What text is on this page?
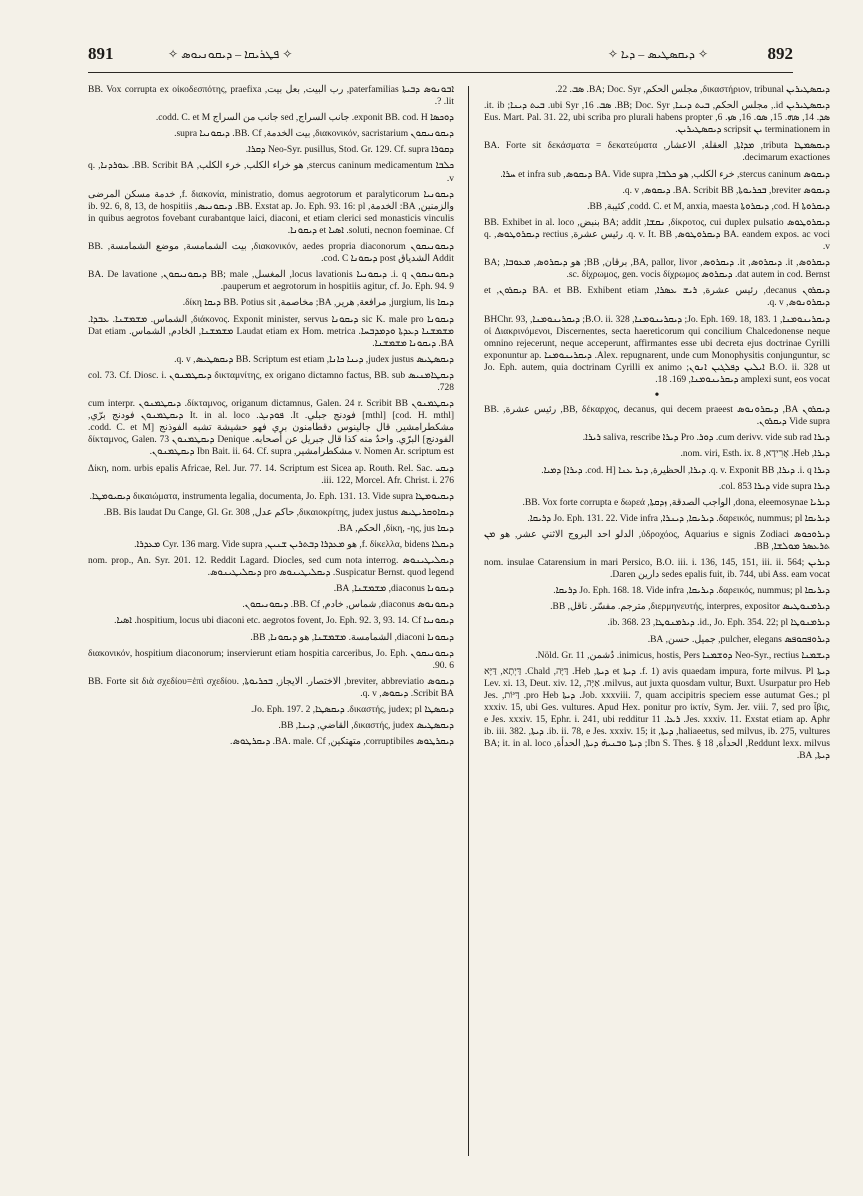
891	✧ ܦܛܪܝܩܐ – ܕܝܩܘܢܝܘܣ ✧	✧ ܕܝܩܣܛܝܣ – ܕܝܐ ✧	892

ܐܒܘܢܘܣ ܕܒܝܬܐ paterfamilias, رب البيت, بعل بيت, BB. Vox corrupta ex οἰκοδεσπότης, praefixa lit. ?.

ܕܘܟܣܐ exponit BB. cod. H. جانب السراج, sed جانب من السراج codd. C. et M.

ܕܝܩܘܢܝܩܘܢ διακονικόν, sacristarium, بيت الخدمة, BB. Cf. ܕܝܩܘܢܝܐ supra.

ܕܩܘܪܐ Neo-Syr. pusillus, Stod. Gr. 129. Cf. supra ܕܩܪܐ.

ܟܠܒܐ stercus caninum medicamentum, هو خراء الكلب, خرء الكلب, BB. Scribit BA. ܥܘܪܕܢܐ, q. v.

ܕܝܩܘܢܝܐ f. διακονία, ministratio, domus aegrotorum et paralyticorum, خدمة مسكن المرضى والزمنين, BA: الخدمة, BB. Exstat ap. Jo. Eph. 93. 16: pl. ܕܝܩܘܢܝܣ, ib. 92. 6, 8, 13, de hospitiis in quibus aegrotos fovebant curabantque laici, diaconi, et etiam clerici sed monasticis vinculis soluti, necnon foeminae. Cf. ܐܣܝܐ et ܕܝܩܘܢܐ.

ܕܝܩܘܢܝܩܘܢ διακονικόν, aedes propria diaconorum, بيت الشمامسة, موضع الشمامسة, BB. Addit الشدياق post ܕܝܩܘܢܐ cod. C.

ܕܝܩܘܢܝܩܘܢ i. q. ܕܝܩܘܢܝܐ locus lavationis, المغسل, BB; male ܕܝܩܘܢܝܩܘܢ, BA. De lavatione pauperum et aegrotorum in hospitiis agitur, cf. Jo. Eph. 94. 9.

ܕܝܩܐ jurgium, lis, مرافعة, هرير, BA; مخاصمة, BB. Potius sit ܕܝܩܐ δίκη.

ܕܝܩܘܢܐ sic K. male pro ܕܝܩܘܢܐ διάκονος. Exponit minister, servus, الشماس. ܡܫܡܫܢܐ. ܥܒܕܐ. ܡܫܡܫܢܐ ܕܥܕܬܐ ܘܕܡܕܒܚܐ. Laudat etiam ex Hom. metrica ܡܫܡܫܢܐ, الخادم, الشماس. Dat etiam BA. ܕܝܩܘܢܐ ܡܫܡܫܢܐ.

ܕܝܩܣܛܝܣ judex justus, ܕܝܢܐ ܟܐܢܐ, BB. Scriptum est etiam ܕܝܩܣܛܝܣ, q. v.

ܕܝܩܛܐܡܢܝܣ δικταμνίτης, ex origano dictamno factus, BB. sub ܕܝܩܛܡܢܘܢ col. 73. Cf. Diosc. i. 728.

ܕܝܩܛܡܢܘܢ δίκταμνος, origanum dictamnus, Galen. 24 r. Scribit BB. ܕܝܩܛܡܢܘܢ cum interpr. [mthl] [cod. H. mthl] فودنج جبلي. It. ܦܘܕܢܓ. It. in al. loco ܕܝܩܛܡܢܘܢ فودنج برّي, مشكطرامشير, قال جالينوس دقطامنون بري فهو حشيشة تشبه الفوذنج [codd. C. et M. الفودنج] البرّي. واحدٌ منه كذا قال جبريل عن أصحابه. Denique ܕܝܩܛܡܢܘܢ δίκταμνος, Galen. 73 v. Nomen Ar. scriptum est مشكطرامشير, Ibn Bait. ii. 64. Cf. supra ܕܝܩܛܡܢܘܢ.

ܕܝܩܝ Δίκη, nom. urbis epalis Africae, Rel. Jur. 77. 14. Scriptum est Sicea ap. Routh. Rel. Sac. iii. 122, Morcel. Afr. Christ. i. 276.

ܕܝܩܝܘܡܛܐ δικαιώματα, instrumenta legalia, documenta, Jo. Eph. 131. 13. Vide supra ܕܝܩܝܘܡܛܐ.

ܕܝܩܐܘܩܪܝܛܝܣ δικαιοκρίτης, judex justus, حاكم عدل, BB. Bis laudat Du Cange, Gl. Gr. 308.

ܕܝܩܐ δίκη, -ης, jus, الحكم, BA.

ܕܝܩܠܐ f. δίκελλα, bidens, هو ܡܥܕܪܐ ܕܒܬܪܝܢ ܫܢܝܢ, Cyr. 136 marg. Vide supra ܡܥܕܪܐ.

ܕܝܩܠܝܛܝܢܘܣ nom. prop., An. Syr. 201. 12. Reddit Lagard. Diocles, sed cum nota interrog. Suspicatur Bernst. quod legend. ܕܝܩܠܝܛܝܢܘܣ pro ܕܝܩܠܝܛܝܢܘܣ.

ܕܝܩܘܢܐ diaconus, ܡܫܡܫܢܐ, BA.

ܕܝܩܘܢܘܣ diaconus, شماس, خادم, BB. Cf. ܕܝܩܘܢܝܩܘܢ.

ܕܝܩܘܢܝܐ hospitium, locus ubi diaconi etc. aegrotos fovent, Jo. Eph. 92. 3, 93. 14. Cf. ܐܣܝܐ.

ܕܝܩܘܢܐ diaconi, الشمامسة. ܡܫܡܫܢܐ, هو ܕܝܩܘܢܐ, BB.

ܕܝܩܘܢܝܩܘܢ διακονικόν, hospitium diaconorum; inservierunt etiam hospitia carceribus, Jo. Eph. 90. 6.

ܕܝܩܘܣ breviter, abbreviatio, الاختصار. الايجاز, ܒܟܪܝܘܬܐ, BB. Forte sit διὰ σχεδίου=ἐπὶ σχεδίου. Scribit BA. ܕܝܩܘܣ, q. v.

ܕܝܩܣܛܐ δικαστής, judex; pl. ܕܝܩܣܛܐ, Jo. Eph. 197. 2.

ܕܝܩܣܛܝܣ δικαστής, judex, القاضي, ܕܝܢܐ, BB.

ܕܝܩܪܛܘܣ corruptibiles, متهتكين, BA. male. Cf. ܕܝܩܪܛܘܣ.

ܕܝܩܣܛܝܪܝܢ δικαστήριον, tribunal, مجلس الحكم, BA; Doc. Syr. ܣܒ. 22.

ܕܝܩܣܛܝܪܝܢ id., مجلس الحكم, ܒܝܬ ܕܝܢܐ, BB; Doc. Syr. ܣܒ. 16, ubi Syr. ܒܝܬ ܕܝܢܐ; it. ib. ܣܕ. 14, ܣܗ. 15, ܣܘ. 16, ܣܙ. 6, Eus. Mart. Pal. 31. 22, ubi scriba pro plurali habens propter terminationem in ܝܢ scripsit ܕܝܩܣܛܝܪܝܢ.

ܕܝܩܣܡܛܐ tributa, ܡܕܐܬܐ, العقلة, الاعشار, BA. Forte sit δεκάσματα = δεκατεύματα decimarum exactiones.

ܕܝܩܘܣ stercus caninum, خرء الكلب, هو ܟܠܒܐ, BA. Vide supra ܕܝܩܘܣ, et infra sub ܚܪܐ.

ܕܝܩܘܣ breviter, ܒܟܪܝܘܬܐ, BA. Scribit BB. ܕܝܩܘܣ, q. v.

ܕܝܩܪܘܬܐ cod. H, ܕܝܩܪܘܬܐ codd. C. et M, anxia, maesta, كئيبة, BB.

ܕܝܩܪܘܛܘܣ δίκροτος, cui duplex pulsatio, ܢܩܫܐ, BA; addit بنبض, BB. Exhibet in al. loco BA. eandem expos. ac voci ܕܝܩܪܘܛܘܣ, q. v. It. BB. رئيس عشرة, rectius ܕܝܩܪܘܛܘܣ, q. v.

ܕܝܩܪܘܣ, it. ܕܝܩܪܘܣ, it. ܕܝܩܪܘܣ, BA, pallor, livor, برقان, BB; هو ܕܝܩܪܘܣ, ܡܥܘܒܐ, BA; dat autem in cod. Bernst. ܕܝܩܪܘܣ sc. δίχρωμος, gen. vocis δίχρωμος.

ܕܝܩܪܘܢ decanus, رئيس عشرة, ܪܝܫ ܥܣܪܐ, BA. et BB. Exhibent etiam ܕܝܩܪܘܢ, et ܕܝܩܪܘܢܘܣ, q. v.

ܕܝܩܪܝܢܘܡܢܐ, Jo. Eph. 169. 18, 183. 1; ܕܝܩܪܝܢܘܡܢܐ, B.O. ii. 328; ܕܝܩܪܝܢܘܡܢܐ, BHChr. 93, οἱ Διακρινόμενοι, Discernentes, secta haereticorum qui concilium Chalcedonense neque omnino rejecerunt, neque acceperunt, affirmantes esse ubi decreta ejus doctrinae Cyrilli Alex. repugnarent, unde cum Monophysitis conjunguntur, sc. ܕܝܩܪܝܢܘܡܢܐ exponuntur ap. B.O. ii. 328 ut ܐܝܠܝܢ ܕܦܠܓܝܢ ܐܢܘܢ; Jo. Eph. autem, quia doctrinam Cyrilli ex animo amplexi sunt, eos vocat ܕܝܩܪܝܢܘܡܢܐ, 169. 18.

•

ܕܝܩܪܘܢ BA, ܕܝܩܪܘܢܘܣ BB, δέκαρχος, decanus, qui decem praeest, رئيس عشرة, BB. Vide supra ܕܝܩܪܘܢ.

ܕܝܪܐ cum derivv. vide sub rad. ܕܘܪ. Pro ܕܝܪܐ saliva, rescribe ܪܝܪܐ.

ܕܝܪܐ, Heb. אֲרִידָא, nom. viri, Esth. ix. 8.

ܕܝܪܐ i. q. ܕܝܪܐ, q. v. Exponit BB. ܕܝܪܐ, الحظيرة, ܕܝܪ ܥܢܐ [cod. H. ܕܝܪܐ] ܕܡܝܐ.

ܕܝܪܐ vide supra ܕܝܪܐ col. 853.

ܕܝܪܝܐ dona, eleemosynae, الواجب الصدقة, ܙܕܩܬܐ, BB. Vox forte corrupta e δωρεά.

ܕܝܪܝܩܐ δαρεικός, nummus; pl. ܕܝܪܝܩܐ, ܕܝܢܪܐ, Jo. Eph. 131. 22. Vide infra ܕܪܝܩܐ.

ܕܝܪܘܟܘܣ ὑδροχόος, Aquarius e signis Zodiaci, الدلو احد البروج الاثني عشر, هو ܡܢ ܬܪܥܣܪ ܡܘܠܫܐ, BB.

ܕܝܪܝܢ nom. insulae Catarensium in mari Persico, B.O. iii. i. 136, 145, 151, iii. ii. 564; sedes epalis fuit, ib. 744, ubi Ass. eam vocat دارين Daren.

ܕܝܪܝܩܐ δαρεικός, nummus; pl. ܕܝܪܝܩܐ, Jo. Eph. 168. 18. Vide infra ܕܪܝܩܐ.

ܕܝܪܡܢܘܛܝܣ διερμηνευτής, interpres, expositor, مترجم. مفسّر. ناقل, BB.

ܕܝܪܡܢܘܛܐ id., Jo. Eph. 354. 22; pl. ܕܝܪܡܢܘܛܐ, ib. 368. 23.

ܕܝܪܘܦܩܘܦܣ pulcher, elegans, جميل. حسن, BA.

ܕܝܫܡܢܐ Neo-Syr., rectius ܕܘܫܡܢܐ inimicus, hostis, Pers. دُشمن, Nöld. Gr. 11.

ܕܝܬܐ f. 1) avis quaedam impura, forte milvus. Pl. ܕܝܬܐ et ܕܝܬܐ, Heb. דַּיָּה, Chald. דַּיְתָא, דַּיָּא milvus, aut juxta quosdam vultur, Buxt. Usurpatur pro Heb. אַיָּה, Lev. xi. 13, Deut. xiv. 12, Job. xxxviii. 7, quam accipitris speciem esse autumat Ges.; pl. ܕܝܬܐ pro Heb. דַּיּוֹת, Jes. xxxiv. 15, ubi Ges. vultures. Apud Hex. ponitur pro ἰκτίν, Sym. Jer. viii. 7, sed pro ἶβις, Jes. xxxiv. 11. Exstat etiam ap. Aphr. ܪܥܐ. 11 e Jes. xxxiv. 15, Ephr. i. 241, ubi redditur haliaeetus, sed milvus, ib. 275, vultures, ܕܝܬܐ, ib. ii. 78, e Jes. xxxiv. 15; it. ܕܝܬܐ, ib. iii. 382. Reddunt lexx. milvus, الحدأة, Ibn S. Thes. § 18; ܕܝܬܐ ܘܒܢܝܗ̇ ܕܝܬܐ, الحدأة, BA; it. in al. loco ܕܝܬܐ, BA.
